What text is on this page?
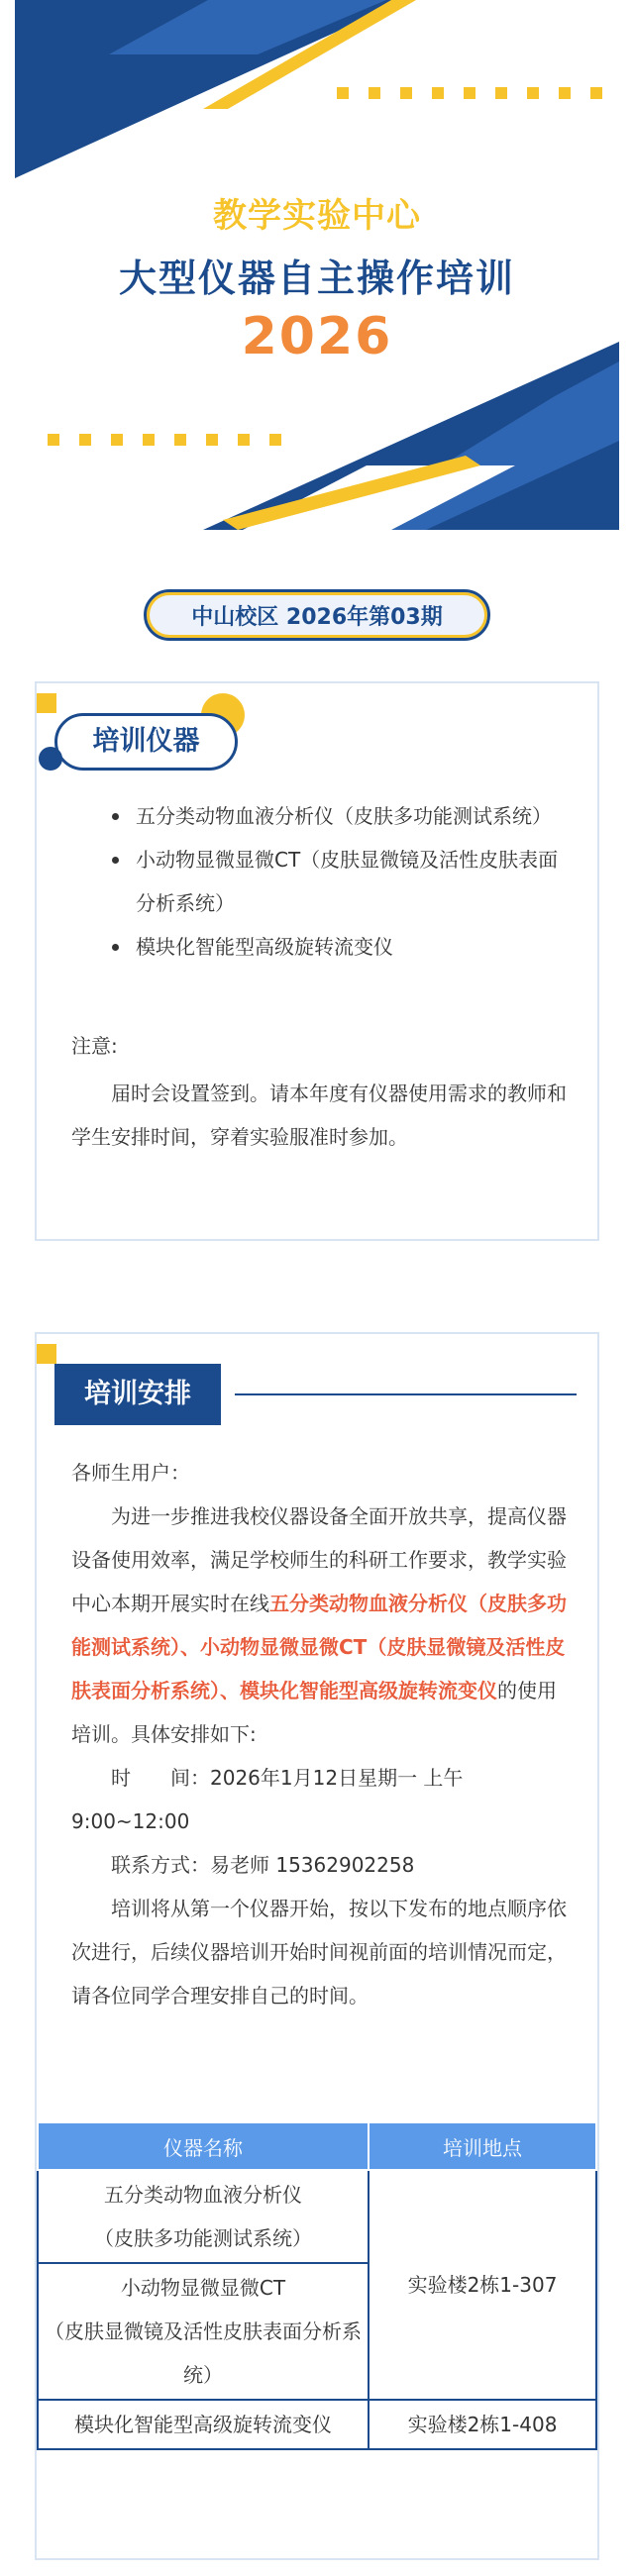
教学实验中心
大型仪器自主操作培训
2026
中山校区 2026年第03期
培训仪器
五分类动物血液分析仪（皮肤多功能测试系统）
小动物显微显微CT（皮肤显微镜及活性皮肤表面分析系统）
模块化智能型高级旋转流变仪
注意:
届时会设置签到。请本年度有仪器使用需求的教师和学生安排时间，穿着实验服准时参加。
培训安排

各师生用户：

为进一步推进我校仪器设备全面开放共享，提高仪器设备使用效率，满足学校师生的科研工作要求，教学实验中心本期开展实时在线五分类动物血液分析仪（皮肤多功能测试系统）、小动物显微显微CT（皮肤显微镜及活性皮肤表面分析系统）、模块化智能型高级旋转流变仪的使用培训。具体安排如下:

时　　间：2026年1月12日星期一 上午9:00~12:00

联系方式：易老师 15362902258

培训将从第一个仪器开始，按以下发布的地点顺序依次进行，后续仪器培训开始时间视前面的培训情况而定，请各位同学合理安排自己的时间。

仪器名称	培训地点

五分类动物血液分析仪
（皮肤多功能测试系统）	实验楼2栋1-307

小动物显微显微CT
（皮肤显微镜及活性皮肤表面分析系统）	

模块化智能型高级旋转流变仪	实验楼2栋1-408
